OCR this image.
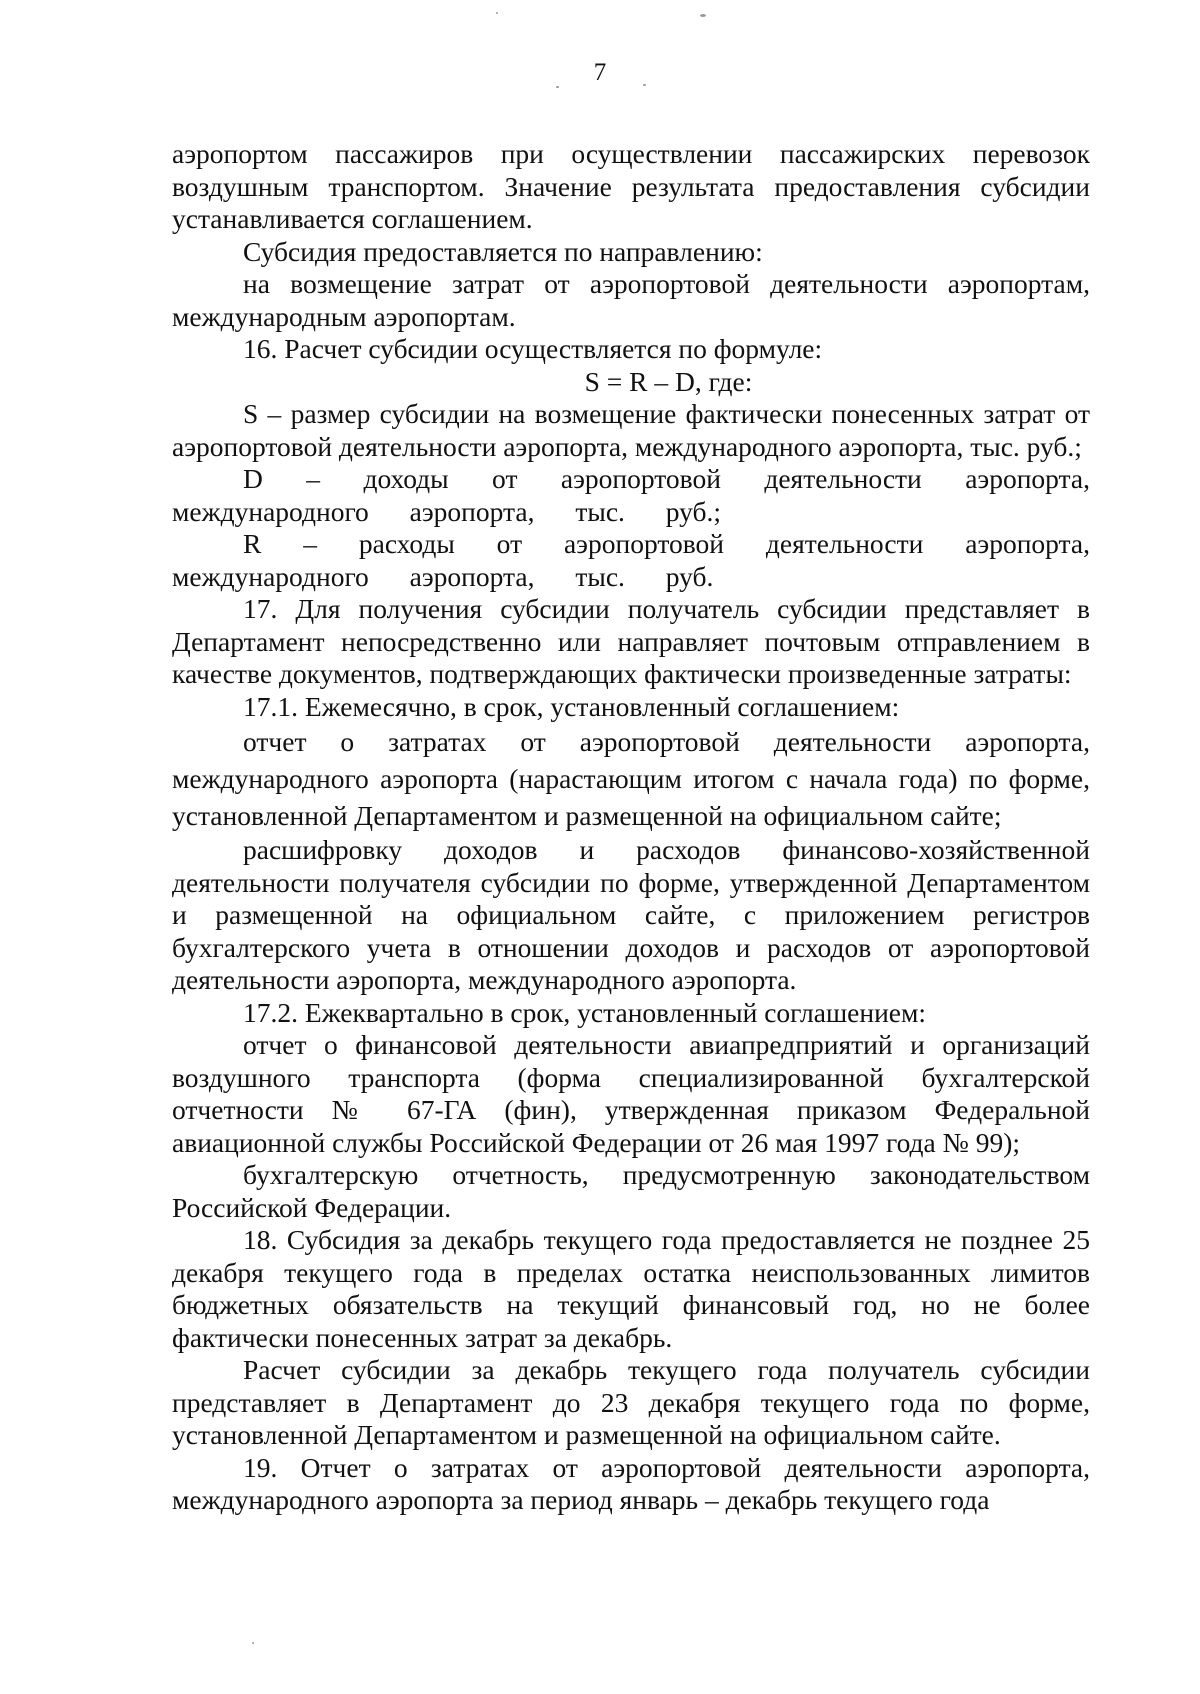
7

аэропортом пассажиров при осуществлении пассажирских перевозок воздушным транспортом. Значение результата предоставления субсидии устанавливается соглашением.

Субсидия предоставляется по направлению:

на возмещение затрат от аэропортовой деятельности аэропортам, международным аэропортам.

16. Расчет субсидии осуществляется по формуле:

S = R – D, где:

S – размер субсидии на возмещение фактически понесенных затрат от аэропортовой деятельности аэропорта, международного аэропорта, тыс. руб.;

D – доходы от аэропортовой деятельности аэропорта, международного аэропорта, тыс. руб.;

R – расходы от аэропортовой деятельности аэропорта, международного аэропорта, тыс. руб.

17. Для получения субсидии получатель субсидии представляет в Департамент непосредственно или направляет почтовым отправлением в качестве документов, подтверждающих фактически произведенные затраты:

17.1. Ежемесячно, в срок, установленный соглашением:

отчет о затратах от аэропортовой деятельности аэропорта, международного аэропорта (нарастающим итогом с начала года) по форме, установленной Департаментом и размещенной на официальном сайте;

расшифровку доходов и расходов финансово-хозяйственной деятельности получателя субсидии по форме, утвержденной Департаментом и размещенной на официальном сайте, с приложением регистров бухгалтерского учета в отношении доходов и расходов от аэропортовой деятельности аэропорта, международного аэропорта.

17.2. Ежеквартально в срок, установленный соглашением:

отчет о финансовой деятельности авиапредприятий и организаций воздушного транспорта (форма специализированной бухгалтерской отчетности № 67-ГА (фин), утвержденная приказом Федеральной авиационной службы Российской Федерации от 26 мая 1997 года № 99);

бухгалтерскую отчетность, предусмотренную законодательством Российской Федерации.

18. Субсидия за декабрь текущего года предоставляется не позднее 25 декабря текущего года в пределах остатка неиспользованных лимитов бюджетных обязательств на текущий финансовый год, но не более фактически понесенных затрат за декабрь.

Расчет субсидии за декабрь текущего года получатель субсидии представляет в Департамент до 23 декабря текущего года по форме, установленной Департаментом и размещенной на официальном сайте.

19. Отчет о затратах от аэропортовой деятельности аэропорта, международного аэропорта за период январь – декабрь текущего года
